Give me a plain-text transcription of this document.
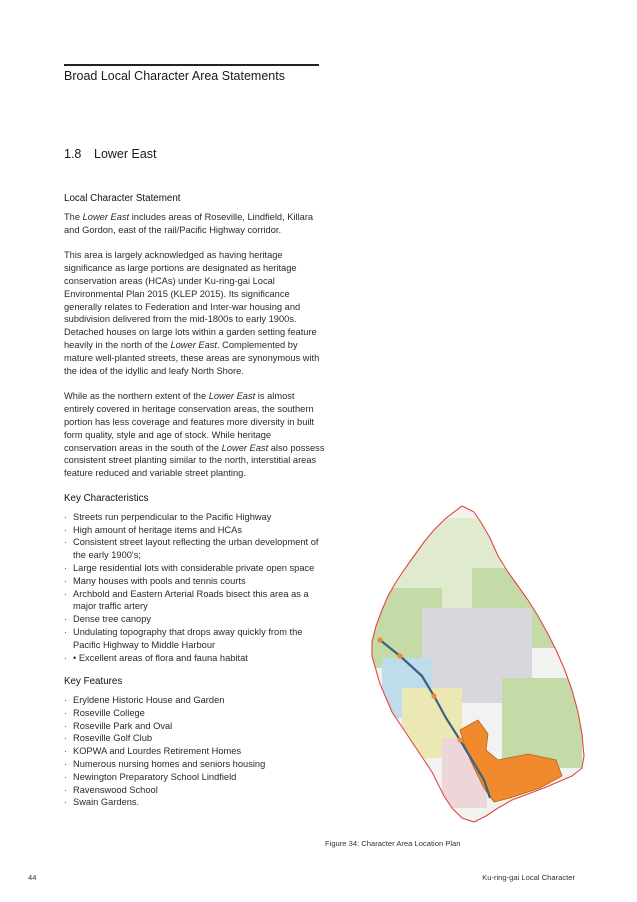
Broad Local Character Area Statements
1.8 Lower East
Local Character Statement

The Lower East includes areas of Roseville, Lindfield, Killara and Gordon, east of the rail/Pacific Highway corridor.

This area is largely acknowledged as having heritage significance as large portions are designated as heritage conservation areas (HCAs) under Ku-ring-gai Local Environmental Plan 2015 (KLEP 2015). Its significance generally relates to Federation and Inter-war housing and subdivision delivered from the mid-1800s to early 1900s. Detached houses on large lots within a garden setting feature heavily in the north of the Lower East. Complemented by mature well-planted streets, these areas are synonymous with the idea of the idyllic and leafy North Shore.

While as the northern extent of the Lower East is almost entirely covered in heritage conservation areas, the southern portion has less coverage and features more diversity in built form quality, style and age of stock. While heritage conservation areas in the south of the Lower East also possess consistent street planting similar to the north, interstitial areas feature reduced and variable street planting.

Key Characteristics
· Streets run perpendicular to the Pacific Highway
· High amount of heritage items and HCAs
· Consistent street layout reflecting the urban development of the early 1900's;
· Large residential lots with considerable private open space
· Many houses with pools and tennis courts
· Archbold and Eastern Arterial Roads bisect this area as a major traffic artery
· Dense tree canopy
· Undulating topography that drops away quickly from the Pacific Highway to Middle Harbour
· • Excellent areas of flora and fauna habitat
Key Features
· Eryldene Historic House and Garden
· Roseville College
· Roseville Park and Oval
· Roseville Golf Club
· KOPWA and Lourdes Retirement Homes
· Numerous nursing homes and seniors housing
· Newington Preparatory School Lindfield
· Ravenswood School
· Swain Gardens.
Figure 34: Character Area Location Plan
44	Ku-ring-gai Local Character
